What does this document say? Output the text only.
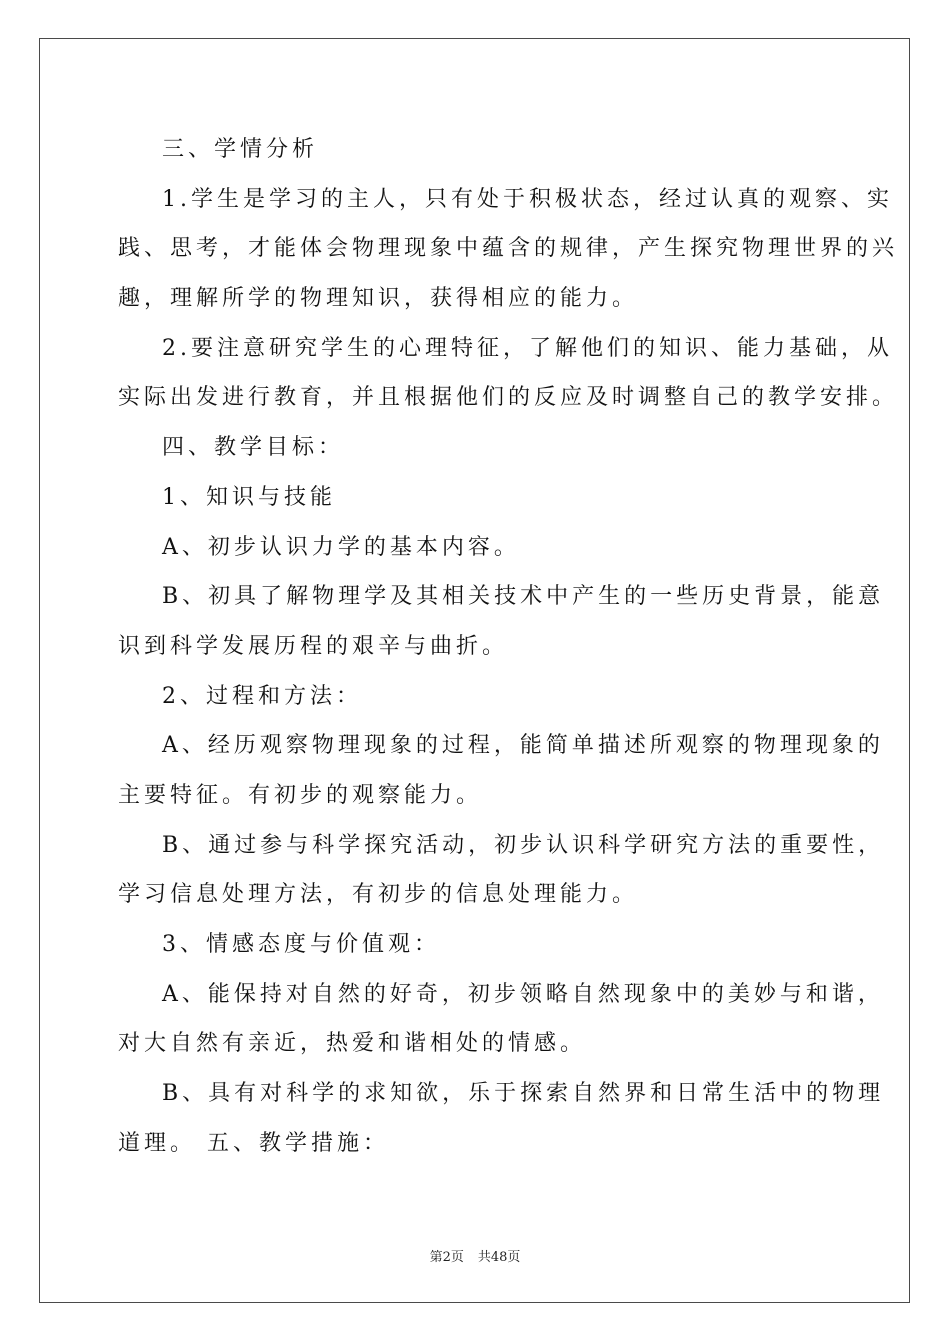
三、学情分析
1.学生是学习的主人，只有处于积极状态，经过认真的观察、实
践、思考，才能体会物理现象中蕴含的规律，产生探究物理世界的兴
趣，理解所学的物理知识，获得相应的能力。
2.要注意研究学生的心理特征，了解他们的知识、能力基础，从
实际出发进行教育，并且根据他们的反应及时调整自己的教学安排。
四、教学目标：
1、知识与技能
A、初步认识力学的基本内容。
B、初具了解物理学及其相关技术中产生的一些历史背景，能意
识到科学发展历程的艰辛与曲折。
2、过程和方法：
A、经历观察物理现象的过程，能简单描述所观察的物理现象的
主要特征。有初步的观察能力。
B、通过参与科学探究活动，初步认识科学研究方法的重要性，
学习信息处理方法，有初步的信息处理能力。
3、情感态度与价值观：
A、能保持对自然的好奇，初步领略自然现象中的美妙与和谐，
对大自然有亲近，热爱和谐相处的情感。
B、具有对科学的求知欲，乐于探索自然界和日常生活中的物理
道理。 五、教学措施：
第2页 共48页
